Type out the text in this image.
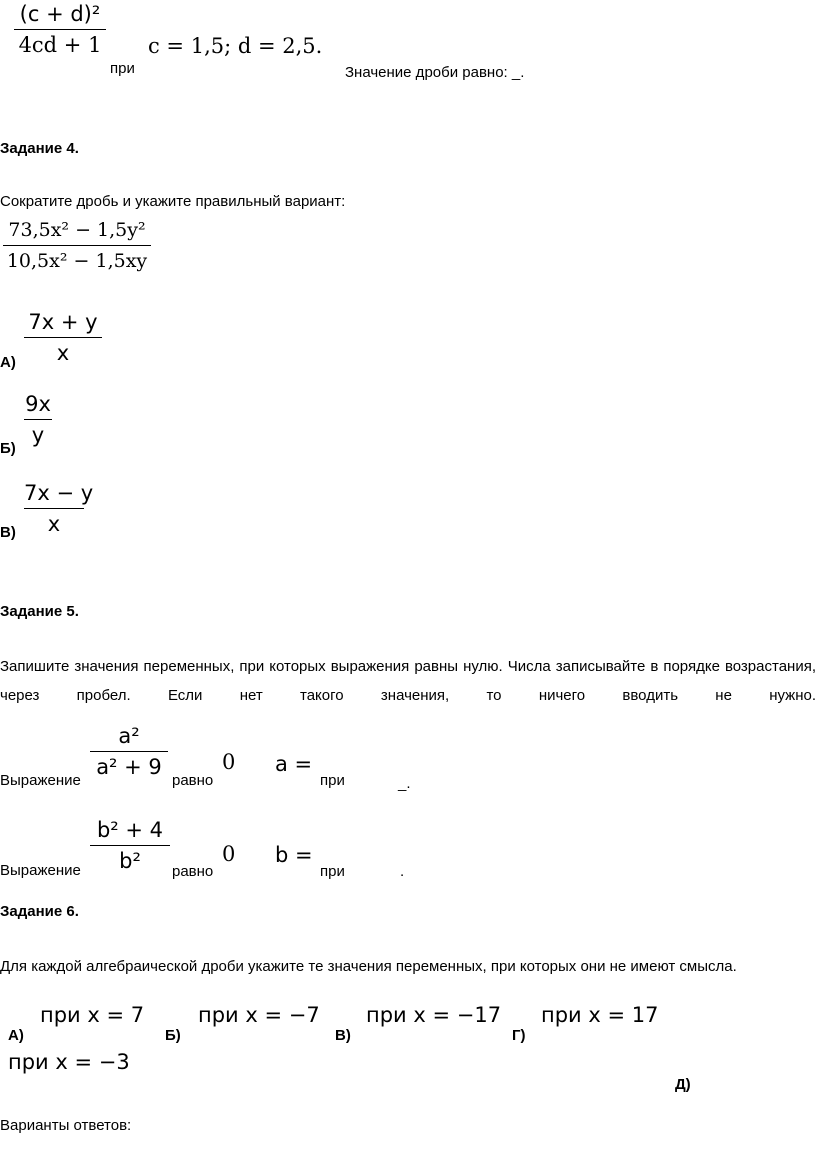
(c + d)²
4cd + 1
при
c = 1,5; d = 2,5.
Значение дроби равно: _.
Задание 4.
Сократите дробь и укажите правильный вариант:
73,5x² − 1,5y²
10,5x² − 1,5xy
7x + y
x
А)
9x
y
Б)
7x − y
x
В)
Задание 5.
Запишите значения переменных, при которых выражения равны нулю. Числа записывайте в порядке возрастания, через пробел. Если нет такого значения, то ничего вводить не нужно.
Выражение
a²
a² + 9
равно
0 a =
при	_.
Выражение
b² + 4
b²	равно
0 b =
при	.
Задание 6.
Для каждой алгебраической дроби укажите те значения переменных, при которых они не имеют смысла.
при x = 7
А)
при x = −7
Б)
при x = −17
В)
при x = 17
Г)
при x = −3
Д)
Варианты ответов:
